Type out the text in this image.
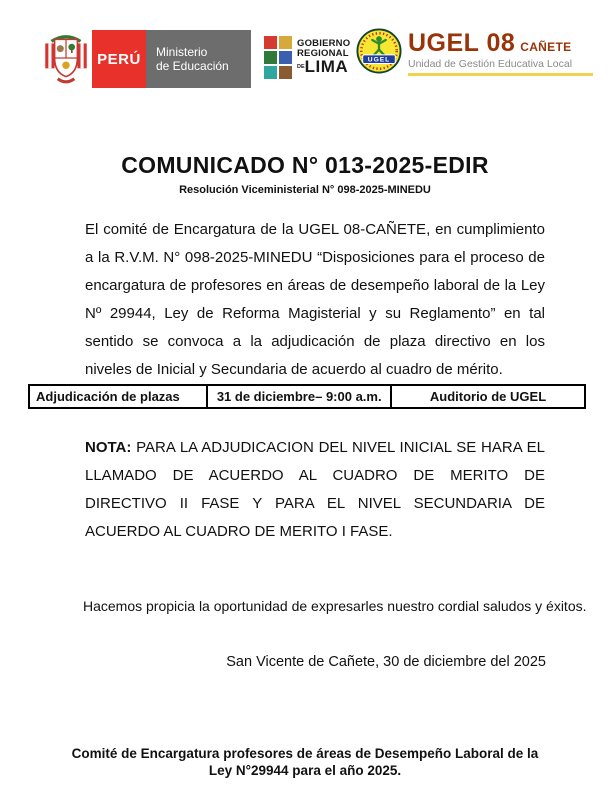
PERÚ Ministerio
de Educación
GOBIERNO
REGIONAL
$^{DE}$LIMA	UGEL
UGEL 08 CAÑETE
Unidad de Gestión Educativa Local
COMUNICADO N° 013-2025-EDIR
Resolución Viceministerial N° 098-2025-MINEDU
El comité de Encargatura de la UGEL 08-CAÑETE, en cumplimiento a la R.V.M. N° 098-2025-MINEDU “Disposiciones para el proceso de encargatura de profesores en áreas de desempeño laboral de la Ley Nº 29944, Ley de Reforma Magisterial y su Reglamento” en tal sentido se convoca a la adjudicación de plaza directivo en los niveles de Inicial y Secundaria de acuerdo al cuadro de mérito.
Adjudicación de plazas	31 de diciembre– 9:00 a.m.	Auditorio de UGEL
NOTA: PARA LA ADJUDICACION DEL NIVEL INICIAL SE HARA EL LLAMADO DE ACUERDO AL CUADRO DE MERITO DE DIRECTIVO II FASE Y PARA EL NIVEL SECUNDARIA DE ACUERDO AL CUADRO DE MERITO I FASE.
Hacemos propicia la oportunidad de expresarles nuestro cordial saludos y éxitos.
San Vicente de Cañete, 30 de diciembre del 2025
Comité de Encargatura profesores de áreas de Desempeño Laboral de la
Ley N°29944 para el año 2025.
